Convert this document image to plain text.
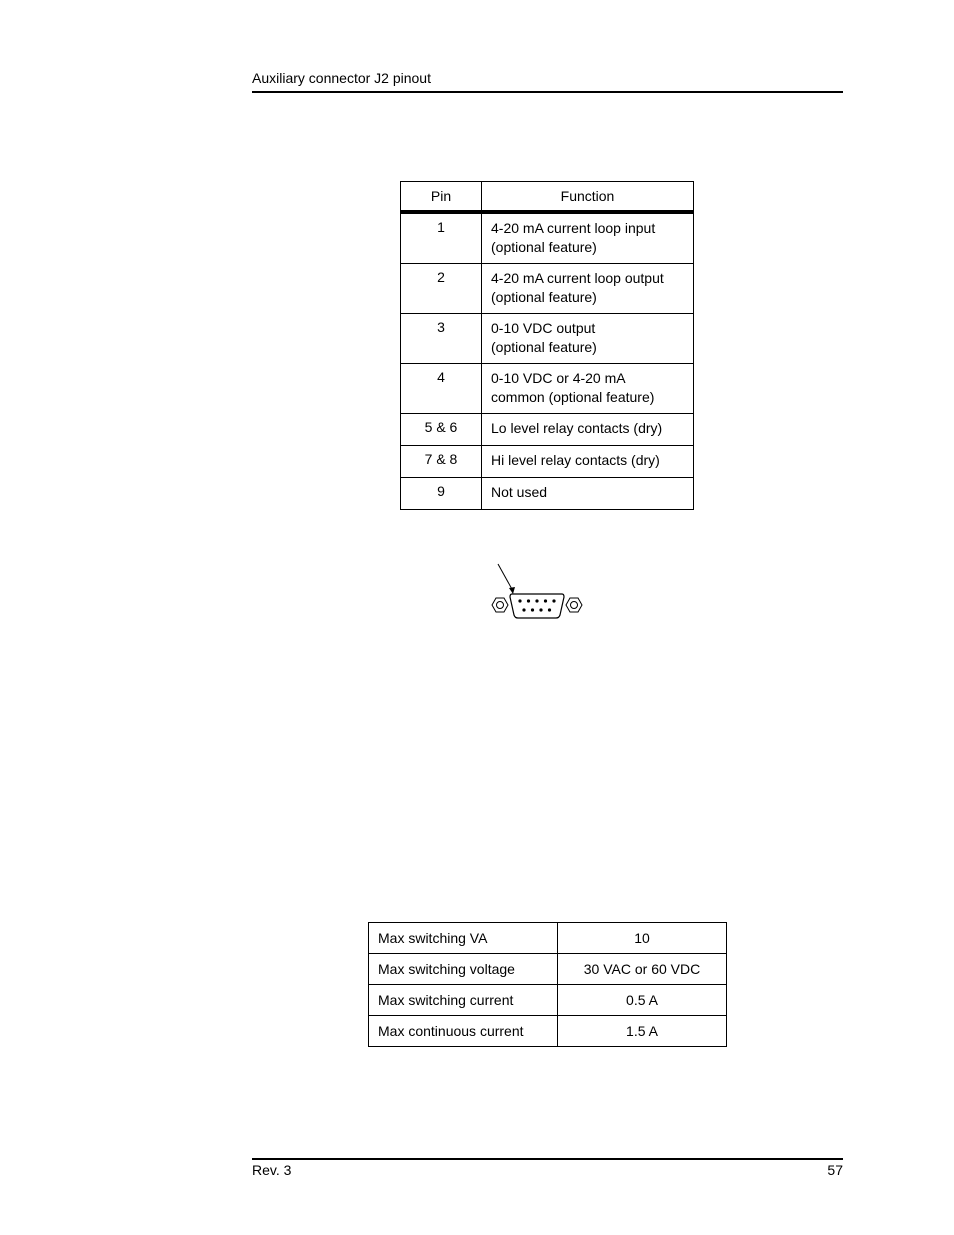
Auxiliary connector J2 pinout
Pin	Function
1	4-20 mA current loop input
(optional feature)

2	4-20 mA current loop output
(optional feature)

3	0-10 VDC output
(optional feature)

4	0-10 VDC or 4-20 mA
common (optional feature)

5 & 6	Lo level relay contacts (dry)

7 & 8	Hi level relay contacts (dry)

9	Not used
Max switching VA	10
Max switching voltage	30 VAC or 60 VDC
Max switching current	0.5 A
Max continuous current	1.5 A
Rev. 3	57
